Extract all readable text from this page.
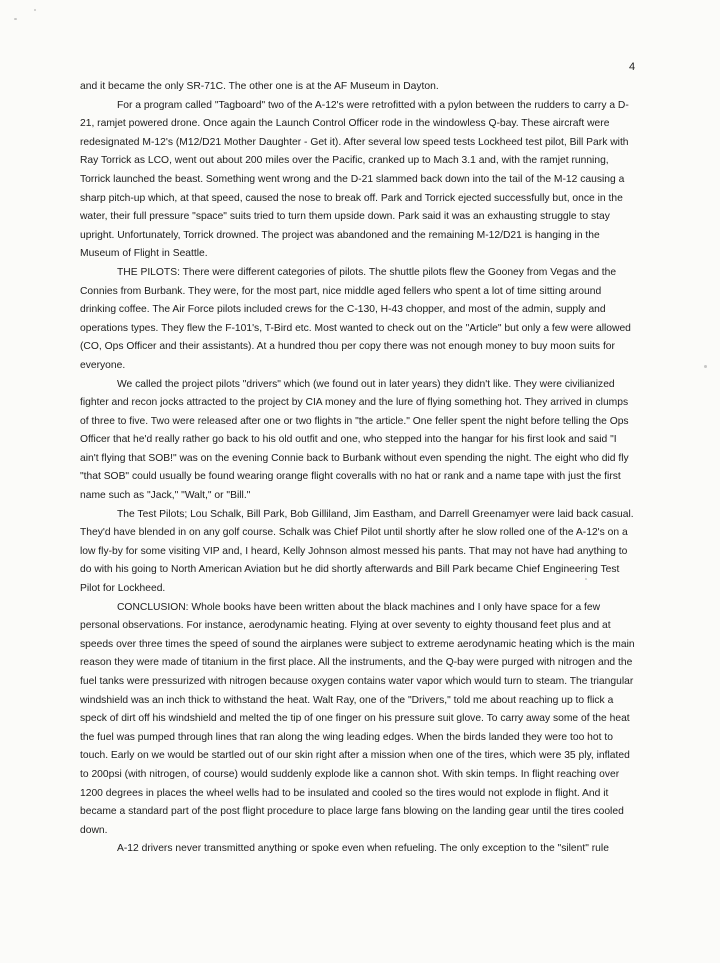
4

and it became the only SR-71C. The other one is at the AF Museum in Dayton.

For a program called "Tagboard" two of the A-12's were retrofitted with a pylon between the rudders to carry a D-21, ramjet powered drone. Once again the Launch Control Officer rode in the windowless Q-bay. These aircraft were redesignated M-12's (M12/D21 Mother Daughter - Get it). After several low speed tests Lockheed test pilot, Bill Park with Ray Torrick as LCO, went out about 200 miles over the Pacific, cranked up to Mach 3.1 and, with the ramjet running, Torrick launched the beast. Something went wrong and the D-21 slammed back down into the tail of the M-12 causing a sharp pitch-up which, at that speed, caused the nose to break off. Park and Torrick ejected successfully but, once in the water, their full pressure "space" suits tried to turn them upside down. Park said it was an exhausting struggle to stay upright. Unfortunately, Torrick drowned. The project was abandoned and the remaining M-12/D21 is hanging in the Museum of Flight in Seattle.

THE PILOTS: There were different categories of pilots. The shuttle pilots flew the Gooney from Vegas and the Connies from Burbank. They were, for the most part, nice middle aged fellers who spent a lot of time sitting around drinking coffee. The Air Force pilots included crews for the C-130, H-43 chopper, and most of the admin, supply and operations types. They flew the F-101's, T-Bird etc. Most wanted to check out on the "Article" but only a few were allowed (CO, Ops Officer and their assistants). At a hundred thou per copy there was not enough money to buy moon suits for everyone.

We called the project pilots "drivers" which (we found out in later years) they didn't like. They were civilianized fighter and recon jocks attracted to the project by CIA money and the lure of flying something hot. They arrived in clumps of three to five. Two were released after one or two flights in "the article." One feller spent the night before telling the Ops Officer that he'd really rather go back to his old outfit and one, who stepped into the hangar for his first look and said "I ain't flying that SOB!" was on the evening Connie back to Burbank without even spending the night. The eight who did fly "that SOB" could usually be found wearing orange flight coveralls with no hat or rank and a name tape with just the first name such as "Jack," "Walt," or "Bill."

The Test Pilots; Lou Schalk, Bill Park, Bob Gilliland, Jim Eastham, and Darrell Greenamyer were laid back casual. They'd have blended in on any golf course. Schalk was Chief Pilot until shortly after he slow rolled one of the A-12's on a low fly-by for some visiting VIP and, I heard, Kelly Johnson almost messed his pants. That may not have had anything to do with his going to North American Aviation but he did shortly afterwards and Bill Park became Chief Engineering Test Pilot for Lockheed.

CONCLUSION: Whole books have been written about the black machines and I only have space for a few personal observations. For instance, aerodynamic heating. Flying at over seventy to eighty thousand feet plus and at speeds over three times the speed of sound the airplanes were subject to extreme aerodynamic heating which is the main reason they were made of titanium in the first place. All the instruments, and the Q-bay were purged with nitrogen and the fuel tanks were pressurized with nitrogen because oxygen contains water vapor which would turn to steam. The triangular windshield was an inch thick to withstand the heat. Walt Ray, one of the "Drivers," told me about reaching up to flick a speck of dirt off his windshield and melted the tip of one finger on his pressure suit glove. To carry away some of the heat the fuel was pumped through lines that ran along the wing leading edges. When the birds landed they were too hot to touch. Early on we would be startled out of our skin right after a mission when one of the tires, which were 35 ply, inflated to 200psi (with nitrogen, of course) would suddenly explode like a cannon shot. With skin temps. In flight reaching over 1200 degrees in places the wheel wells had to be insulated and cooled so the tires would not explode in flight. And it became a standard part of the post flight procedure to place large fans blowing on the landing gear until the tires cooled down.

A-12 drivers never transmitted anything or spoke even when refueling. The only exception to the "silent" rule
